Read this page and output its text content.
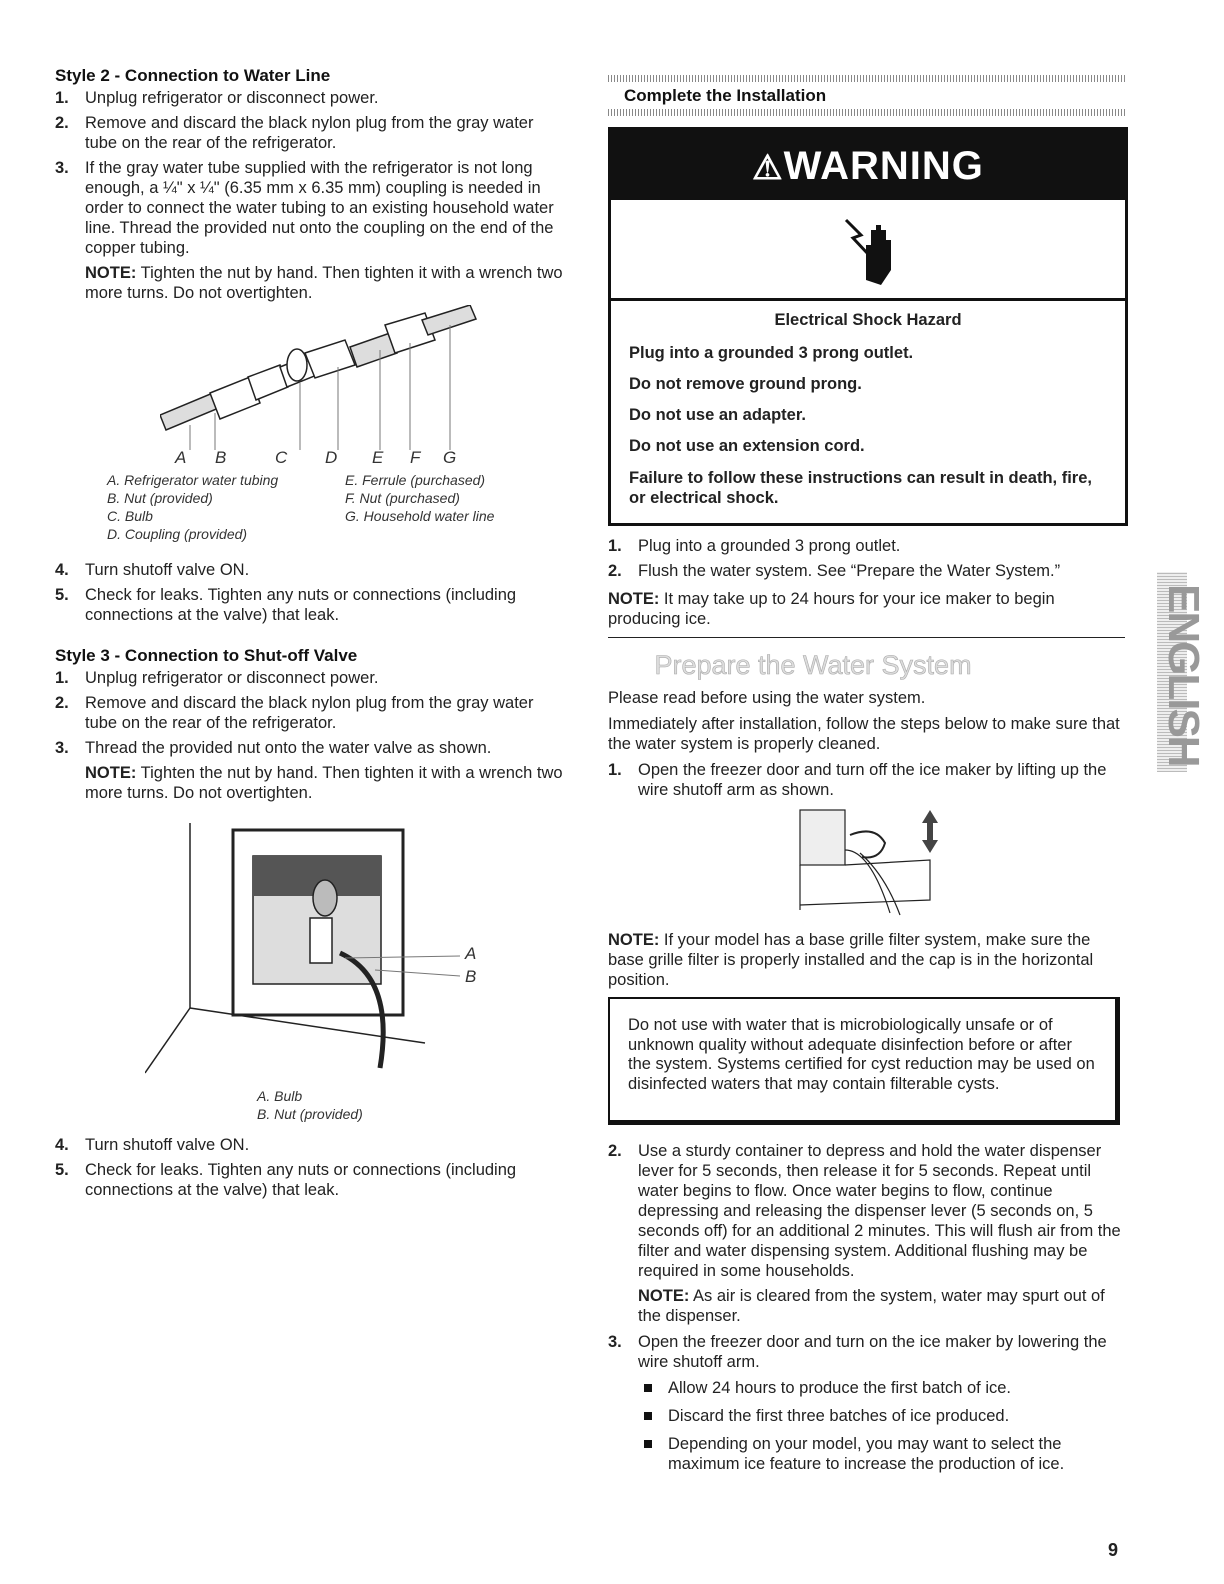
Style 2 - Connection to Water Line

1. Unplug refrigerator or disconnect power.
2. Remove and discard the black nylon plug from the gray water tube on the rear of the refrigerator.
3. If the gray water tube supplied with the refrigerator is not long enough, a ¼" x ¼" (6.35 mm x 6.35 mm) coupling is needed in order to connect the water tubing to an existing household water line. Thread the provided nut onto the coupling on the end of the copper tubing.
NOTE: Tighten the nut by hand. Then tighten it with a wrench two more turns. Do not overtighten.
A B	C D E F G
A. Refrigerator water tubing
B. Nut (provided)
C. Bulb
D. Coupling (provided)
E. Ferrule (purchased)
F. Nut (purchased)
G. Household water line
4. Turn shutoff valve ON.
5. Check for leaks. Tighten any nuts or connections (including connections at the valve) that leak.

Style 3 - Connection to Shut-off Valve

1. Unplug refrigerator or disconnect power.
2. Remove and discard the black nylon plug from the gray water tube on the rear of the refrigerator.
3. Thread the provided nut onto the water valve as shown.
NOTE: Tighten the nut by hand. Then tighten it with a wrench two more turns. Do not overtighten.
A
B
A. Bulb
B. Nut (provided)
4. Turn shutoff valve ON.
5. Check for leaks. Tighten any nuts or connections (including connections at the valve) that leak.

Complete the Installation

⚠WARNING

Electrical Shock Hazard

Plug into a grounded 3 prong outlet.

Do not remove ground prong.

Do not use an adapter.

Do not use an extension cord.

Failure to follow these instructions can result in death, fire, or electrical shock.

1. Plug into a grounded 3 prong outlet.
2. Flush the water system. See “Prepare the Water System.”

NOTE: It may take up to 24 hours for your ice maker to begin producing ice.

Prepare the Water System

Please read before using the water system.

Immediately after installation, follow the steps below to make sure that the water system is properly cleaned.

1. Open the freezer door and turn off the ice maker by lifting up the wire shutoff arm as shown.

NOTE: If your model has a base grille filter system, make sure the base grille filter is properly installed and the cap is in the horizontal position.

Do not use with water that is microbiologically unsafe or of unknown quality without adequate disinfection before or after the system. Systems certified for cyst reduction may be used on disinfected waters that may contain filterable cysts.

2. Use a sturdy container to depress and hold the water dispenser lever for 5 seconds, then release it for 5 seconds. Repeat until water begins to flow. Once water begins to flow, continue depressing and releasing the dispenser lever (5 seconds on, 5 seconds off) for an additional 2 minutes. This will flush air from the filter and water dispensing system. Additional flushing may be required in some households.
NOTE: As air is cleared from the system, water may spurt out of the dispenser.
3. Open the freezer door and turn on the ice maker by lowering the wire shutoff arm.
Allow 24 hours to produce the first batch of ice.
Discard the first three batches of ice produced.
Depending on your model, you may want to select the maximum ice feature to increase the production of ice.
ENGLISH
9
